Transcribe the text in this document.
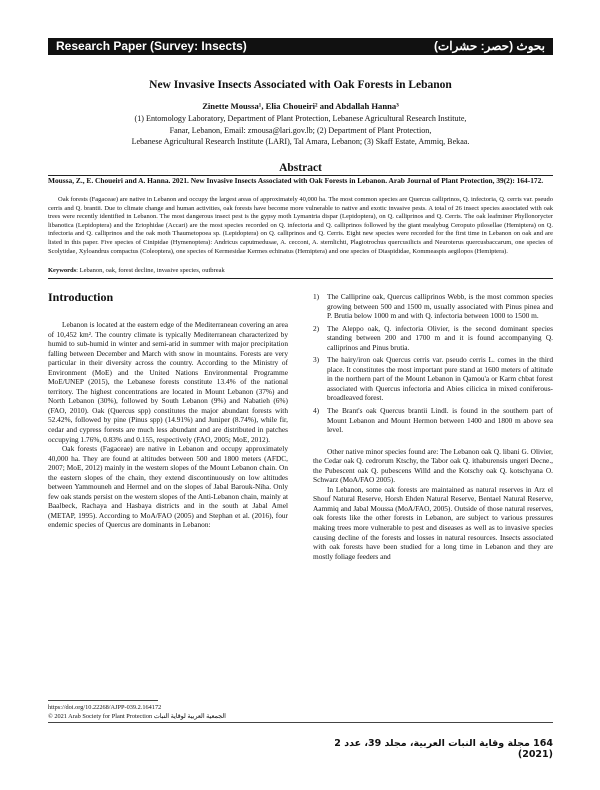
Research Paper (Survey: Insects)	بحوث (حصر: حشرات)
New Invasive Insects Associated with Oak Forests in Lebanon
Zinette Moussa¹, Elia Choueiri² and Abdallah Hanna³
(1) Entomology Laboratory, Department of Plant Protection, Lebanese Agricultural Research Institute,
Fanar, Lebanon, Email: zmousa@lari.gov.lb; (2) Department of Plant Protection,
Lebanese Agricultural Research Institute (LARI), Tal Amara, Lebanon; (3) Skaff Estate, Ammiq, Bekaa.
Abstract
Moussa, Z., E. Choueiri and A. Hanna. 2021. New Invasive Insects Associated with Oak Forests in Lebanon. Arab Journal of Plant Protection, 39(2): 164-172.
Oak forests (Fagaceae) are native in Lebanon and occupy the largest areas of approximately 40,000 ha. The most common species are Quercus calliprinos, Q. infectoria, Q. cerris var. pseudo cerris and Q. brantii. Due to climate change and human activities, oak forests have become more vulnerable to native and exotic invasive pests. A total of 26 insect species associated with oak trees were recently identified in Lebanon. The most dangerous insect pest is the gypsy moth Lymantria dispar (Lepidoptera), on Q. calliprinos and Q. Cerris. The oak leafminer Phyllonorycter libanotica (Lepidoptera) and the Eriophidae (Accari) are the most species recorded on Q. infectoria and Q. calliprinos followed by the giant mealybug Ceroputo pilosellae (Hemiptera) on Q. infectoria and Q. calliprinos and the oak moth Thaumetopoea sp. (Lepidoptera) on Q. calliprinos and Q. Cerris. Eight new species were recorded for the first time in Lebanon on oak and are listed in this paper. Five species of Cinipidae (Hymenoptera): Andricus caputmedusae, A. cecconi, A. sternlichti, Plagiotrochus quercusilicis and Neuroterus quercusbaccarum, one species of Scolytidae, Xyloandrus compactus (Coleoptera), one species of Kermesidae Kermes echinatus (Hemiptera) and one species of Diaspididae, Kommeaspis aegilopos (Hemiptera).
Keywords: Lebanon, oak, forest decline, invasive species, outbreak
Introduction

Lebanon is located at the eastern edge of the Mediterranean covering an area of 10,452 km². The country climate is typically Mediterranean characterized by humid to sub-humid in winter and semi-arid in summer with major precipitation falling between December and March with snow in mountains. Forests are very particular in their diversity across the country. According to the Ministry of Environment (MoE) and the United Nations Environmental Programme MoE/UNEP (2015), the Lebanese forests constitute 13.4% of the national territory. The highest concentrations are located in Mount Lebanon (37%) and North Lebanon (30%), followed by South Lebanon (9%) and Nabatieh (6%) (FAO, 2010). Oak (Quercus spp) constitutes the major abundant forests with 52.42%, followed by pine (Pinus spp) (14.91%) and Juniper (8.74%), while fir, cedar and cypress forests are much less abundant and are distributed in patches occupying 1.76%, 0.83% and 0.155, respectively (FAO, 2005; MoE, 2012).

Oak forests (Fagaceae) are native in Lebanon and occupy approximately 40,000 ha. They are found at altitudes between 500 and 1800 meters (AFDC, 2007; MoE, 2012) mainly in the western slopes of the Mount Lebanon chain. On the eastern slopes of the chain, they extend discontinuously on low altitudes between Yammouneh and Hermel and on the slopes of Jabal Barouk-Niha. Only few oak stands persist on the western slopes of the Anti-Lebanon chain, mainly at Baalbeck, Rachaya and Hasbaya districts and in the south at Jabal Amel (METAP, 1995). According to MoA/FAO (2005) and Stephan et al. (2016), four endemic species of Quercus are dominants in Lebanon:

1)	The Calliprine oak, Quercus calliprinos Webb, is the most common species growing between 500 and 1500 m, usually associated with Pinus pinea and P. Brutia below 1000 m and with Q. infectoria between 1000 to 1500 m.
2)	The Aleppo oak, Q. infectoria Olivier, is the second dominant species standing between 200 and 1700 m and it is found accompanying Q. calliprinos and Pinus brutia.
3)	The hairy/iron oak Quercus cerris var. pseudo cerris L. comes in the third place. It constitutes the most important pure stand at 1600 meters of altitude in the northern part of the Mount Lebanon in Qamou'a or Karm chbat forest associated with Quercus infectoria and Abies cilicica in mixed coniferous-broadleaved forest.
4)	The Brant's oak Quercus brantii Lindl. is found in the southern part of Mount Lebanon and Mount Hermon between 1400 and 1800 m above sea level.

Other native minor species found are: The Lebanon oak Q. libani G. Olivier, the Cedar oak Q. cedrorum Ktschy, the Tabor oak Q. ithaburensis ungeri Decne., the Pubescent oak Q. pubescens Willd and the Kotschy oak Q. kotschyana O. Schwarz (MoA/FAO 2005).

In Lebanon, some oak forests are maintained as natural reserves in Arz el Shouf Natural Reserve, Horsh Ehden Natural Reserve, Bentael Natural Reserve, Aammiq and Jabal Moussa (MoA/FAO, 2005). Outside of those natural reserves, oak forests like the other forests in Lebanon, are subject to various pressures making trees more vulnerable to pest and diseases as well as to invasive species causing decline of the forests and losses in natural resources. Insects associated with oak forests have been studied for a long time in Lebanon and they are mostly foliage feeders and

https://doi.org/10.22268/AJPP-039.2.164172
© 2021 Arab Society for Plant Protection الجمعية العربية لوقاية النبات
164 مجلة وقاية النبات العربية، مجلد 39، عدد 2 (2021)
